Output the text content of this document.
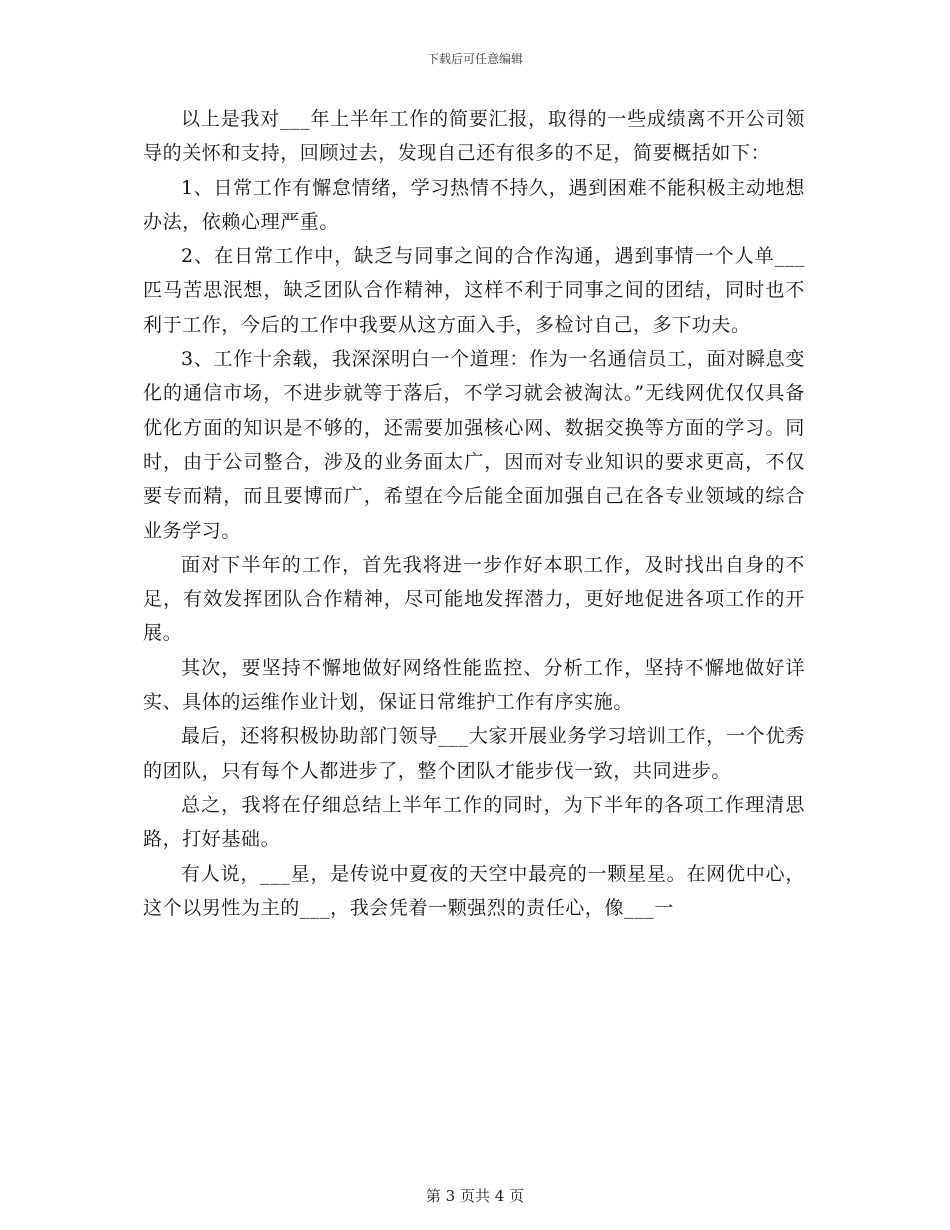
下载后可任意编辑

以上是我对___年上半年工作的简要汇报，取得的一些成绩离不开公司领导的关怀和支持，回顾过去，发现自己还有很多的不足，简要概括如下：

1、日常工作有懈怠情绪，学习热情不持久，遇到困难不能积极主动地想办法，依赖心理严重。

2、在日常工作中，缺乏与同事之间的合作沟通，遇到事情一个人单___匹马苦思泯想，缺乏团队合作精神，这样不利于同事之间的团结，同时也不利于工作，今后的工作中我要从这方面入手，多检讨自己，多下功夫。

3、工作十余载，我深深明白一个道理：作为一名通信员工，面对瞬息变化的通信市场，不进步就等于落后，不学习就会被淘汰。”无线网优仅仅具备优化方面的知识是不够的，还需要加强核心网、数据交换等方面的学习。同时，由于公司整合，涉及的业务面太广，因而对专业知识的要求更高，不仅要专而精，而且要博而广，希望在今后能全面加强自己在各专业领域的综合业务学习。

面对下半年的工作，首先我将进一步作好本职工作，及时找出自身的不足，有效发挥团队合作精神，尽可能地发挥潜力，更好地促进各项工作的开展。

其次，要坚持不懈地做好网络性能监控、分析工作，坚持不懈地做好详实、具体的运维作业计划，保证日常维护工作有序实施。

最后，还将积极协助部门领导___大家开展业务学习培训工作，一个优秀的团队，只有每个人都进步了，整个团队才能步伐一致，共同进步。

总之，我将在仔细总结上半年工作的同时，为下半年的各项工作理清思路，打好基础。

有人说，___星，是传说中夏夜的天空中最亮的一颗星星。在网优中心，这个以男性为主的___，我会凭着一颗强烈的责任心，像___一

第 3 页共 4 页
